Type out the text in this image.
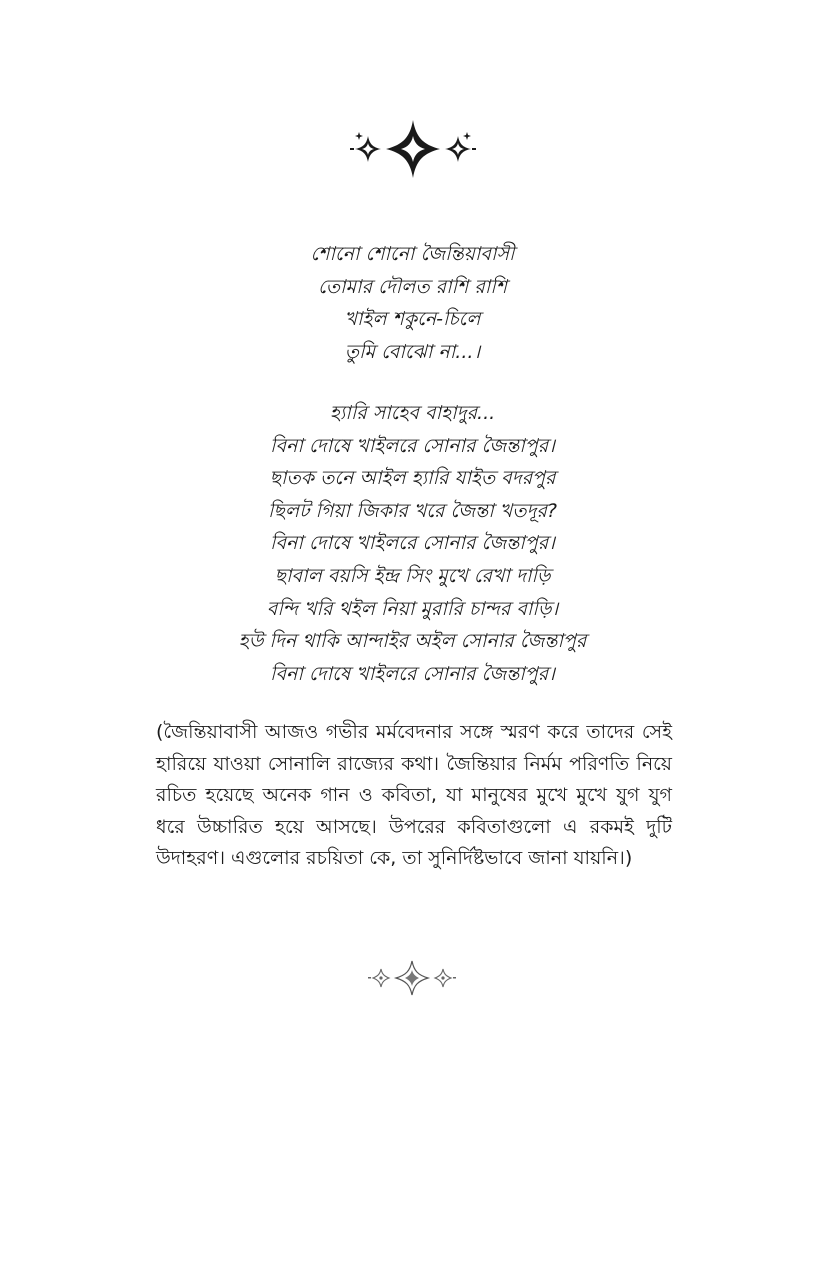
শোনো শোনো জৈন্তিয়াবাসী
তোমার দৌলত রাশি রাশি
খাইল শকুনে-চিলে
তুমি বোঝো না...।
হ্যারি সাহেব বাহাদুর...
বিনা দোষে খাইলরে সোনার জৈন্তাপুর।
ছাতক তনে আইল হ্যারি যাইত বদরপুর
ছিলট গিয়া জিকার খরে জৈন্তা খতদূর?
বিনা দোষে খাইলরে সোনার জৈন্তাপুর।
ছাবাল বয়সি ইন্দ্র সিং মুখে রেখা দাড়ি
বন্দি খরি থইল নিয়া মুরারি চান্দর বাড়ি।
হউ দিন থাকি আন্দাইর অইল সোনার জৈন্তাপুর
বিনা দোষে খাইলরে সোনার জৈন্তাপুর।

(জৈন্তিয়াবাসী আজও গভীর মর্মবেদনার সঙ্গে স্মরণ করে তাদের সেই হারিয়ে যাওয়া সোনালি রাজ্যের কথা। জৈন্তিয়ার নির্মম পরিণতি নিয়ে রচিত হয়েছে অনেক গান ও কবিতা, যা মানুষের মুখে মুখে যুগ যুগ ধরে উচ্চারিত হয়ে আসছে। উপরের কবিতাগুলো এ রকমই দুটি উদাহরণ। এগুলোর রচয়িতা কে, তা সুনির্দিষ্টভাবে জানা যায়নি।)
